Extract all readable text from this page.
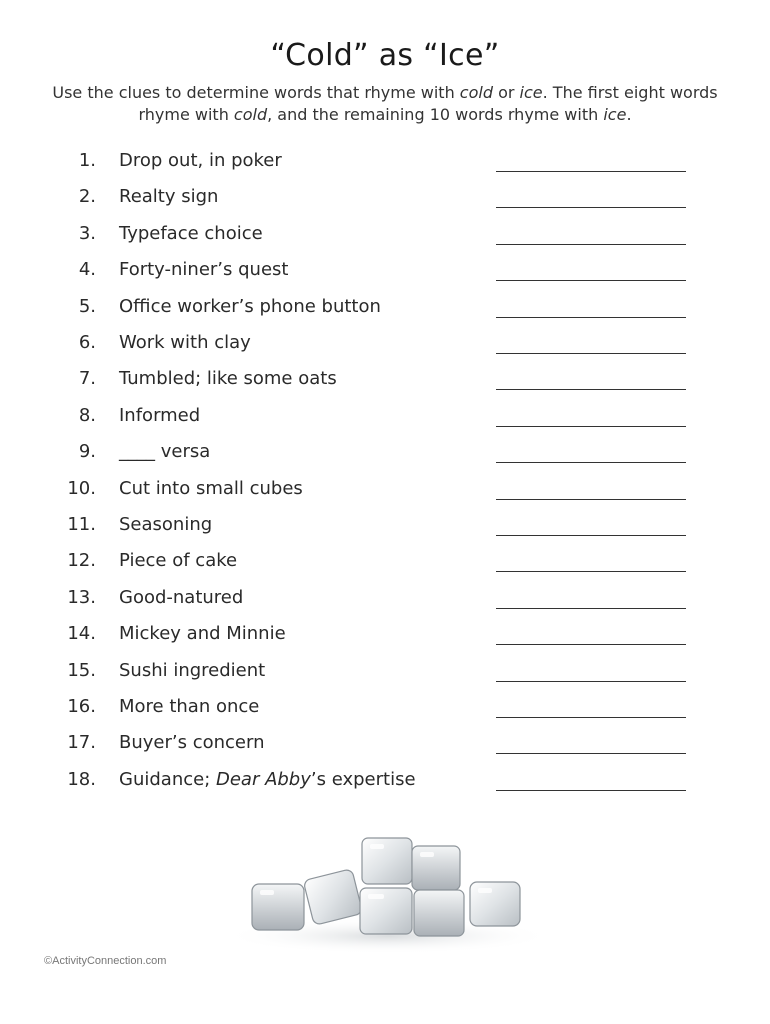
“Cold” as “Ice”
Use the clues to determine words that rhyme with cold or ice. The first eight words rhyme with cold, and the remaining 10 words rhyme with ice.
1. Drop out, in poker
2. Realty sign
3. Typeface choice
4. Forty-niner’s quest
5. Office worker’s phone button
6. Work with clay
7. Tumbled; like some oats
8. Informed
9. ____ versa
10. Cut into small cubes
11. Seasoning
12. Piece of cake
13. Good-natured
14. Mickey and Minnie
15. Sushi ingredient
16. More than once
17. Buyer’s concern
18. Guidance; Dear Abby’s expertise
©ActivityConnection.com
